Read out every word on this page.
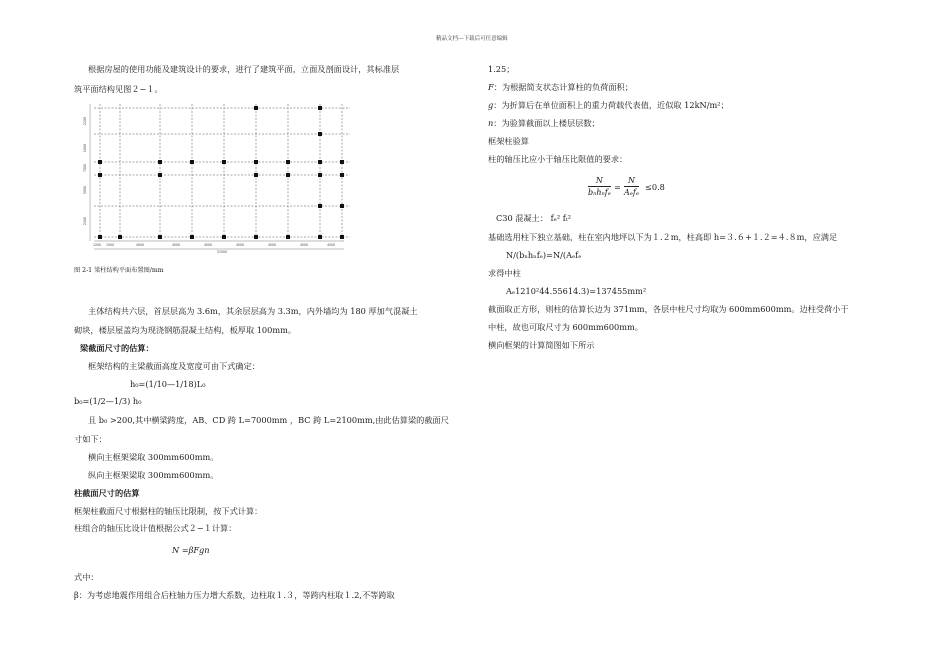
精品文档---下载后可任意编辑
根据房屋的使用功能及建筑设计的要求，进行了建筑平面，立面及剖面设计，其标准层
筑平面结构见图２−１。
1200 1500	4500	4500	4500	4500	4500	4500	4500
31500
2100
1000
7000
5000
2100
图 2-1 梁柱结构平面布置图/mm
主体结构共六层，首层层高为 3.6m，其余层层高为 3.3m，内外墙均为 180 厚加气混凝土
砌块，楼层屋盖均为现浇钢筋混凝土结构，板厚取 100mm。
梁截面尺寸的估算：
框架结构的主梁截面高度及宽度可由下式确定：
h₀=(1/10—1/18)L₀
b₀=(1/2—1/3) h₀
且 b₀ >200,其中横梁跨度，AB、CD 跨 L=7000mm ，BC 跨 L=2100mm,由此估算梁的截面尺
寸如下：
横向主框架梁取 300mm600mm。
纵向主框架梁取 300mm600mm。
柱截面尺寸的估算
框架柱截面尺寸根据柱的轴压比限制，按下式计算：
柱组合的轴压比设计值根据公式２−１计算：
N =βFgn
式中：
β：为考虑地震作用组合后柱轴力压力增大系数，边柱取１.３，等跨内柱取１.2,不等跨取
1.25；
F：为根据简支状态计算柱的负荷面积；
g：为折算后在单位面积上的重力荷载代表值，近似取 12kN/m²；
n：为验算截面以上楼层层数；
框架柱验算
柱的轴压比应小于轴压比限值的要求：
N
bₙhₙfₑ
=
N
Aₑfₑ
≤0.8
C30 混凝土： fₑ² fₜ²
基础选用柱下独立基础，柱在室内地坪以下为１.２m，柱高即 h=３.６+１.２=４.８m，应满足
N/(bₙhₙfₑ)=N/(Aₑfₑ
求得中柱
Aₑ1210²44.55614.3)=137455mm²
截面取正方形，则柱的估算长边为 371mm，各层中柱尺寸均取为 600mm600mm。边柱受荷小于
中柱，故也可取尺寸为 600mm600mm。
横向框架的计算简图如下所示
